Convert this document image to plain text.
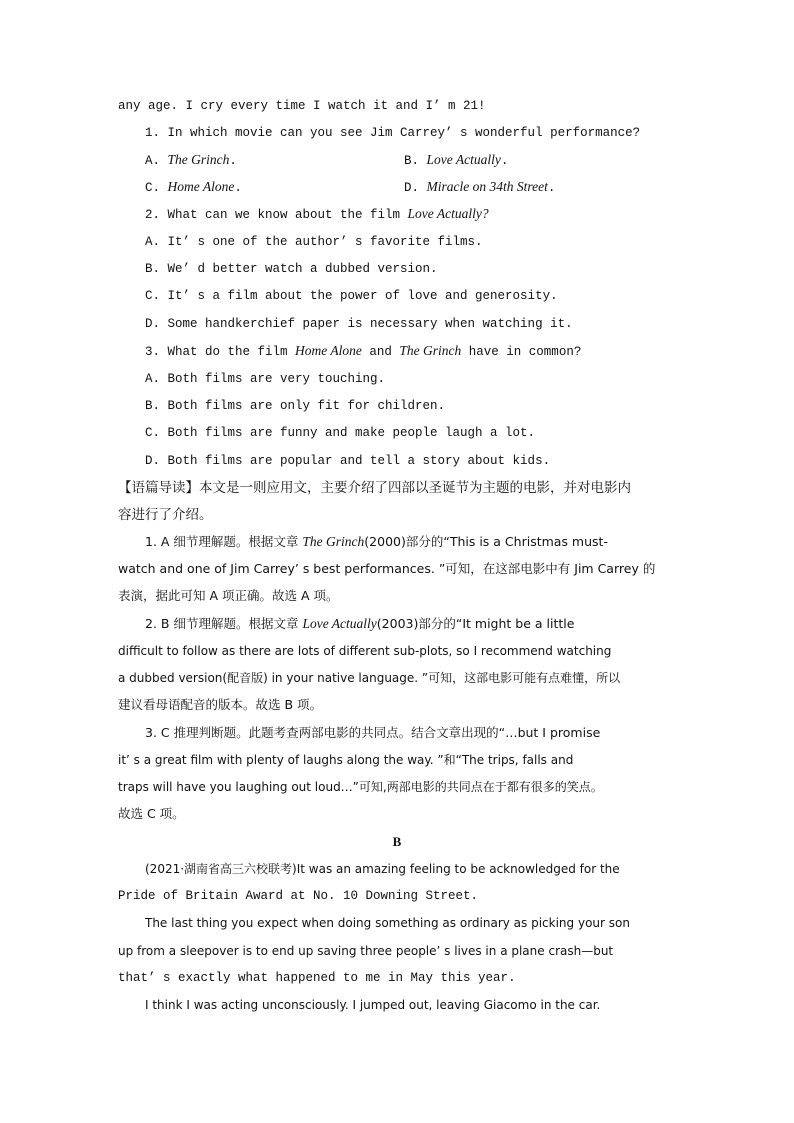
any age. I cry every time I watch it and I’ m 21!
1. In which movie can you see Jim Carrey’ s wonderful performance?
A. The Grinch.	B. Love Actually.
C. Home Alone.	D. Miracle on 34th Street.
2. What can we know about the film Love Actually?
A. It’ s one of the author’ s favorite films.
B. We’ d better watch a dubbed version.
C. It’ s a film about the power of love and generosity.
D. Some handkerchief paper is necessary when watching it.
3. What do the film Home Alone and The Grinch have in common?
A. Both films are very touching.
B. Both films are only fit for children.
C. Both films are funny and make people laugh a lot.
D. Both films are popular and tell a story about kids.
【语篇导读】本文是一则应用文，主要介绍了四部以圣诞节为主题的电影，并对电影内
容进行了介绍。
1. A 细节理解题。根据文章 The Grinch(2000)部分的“This is a Christmas must-
watch and one of Jim Carrey’ s best performances. ”可知，在这部电影中有 Jim Carrey 的
表演，据此可知 A 项正确。故选 A 项。
2. B 细节理解题。根据文章 Love Actually(2003)部分的“It might be a little
difficult to follow as there are lots of different sub-plots, so I recommend watching
a dubbed version(配音版) in your native language. ”可知，这部电影可能有点难懂，所以
建议看母语配音的版本。故选 B 项。
3. C 推理判断题。此题考查两部电影的共同点。结合文章出现的“…but I promise
it’ s a great film with plenty of laughs along the way. ”和“The trips, falls and
traps will have you laughing out loud…”可知,两部电影的共同点在于都有很多的笑点。
故选 C 项。
B
(2021·湖南省高三六校联考)It was an amazing feeling to be acknowledged for the
Pride of Britain Award at No. 10 Downing Street.
The last thing you expect when doing something as ordinary as picking your son
up from a sleepover is to end up saving three people’ s lives in a plane crash—but
that’ s exactly what happened to me in May this year.
I think I was acting unconsciously. I jumped out, leaving Giacomo in the car.
